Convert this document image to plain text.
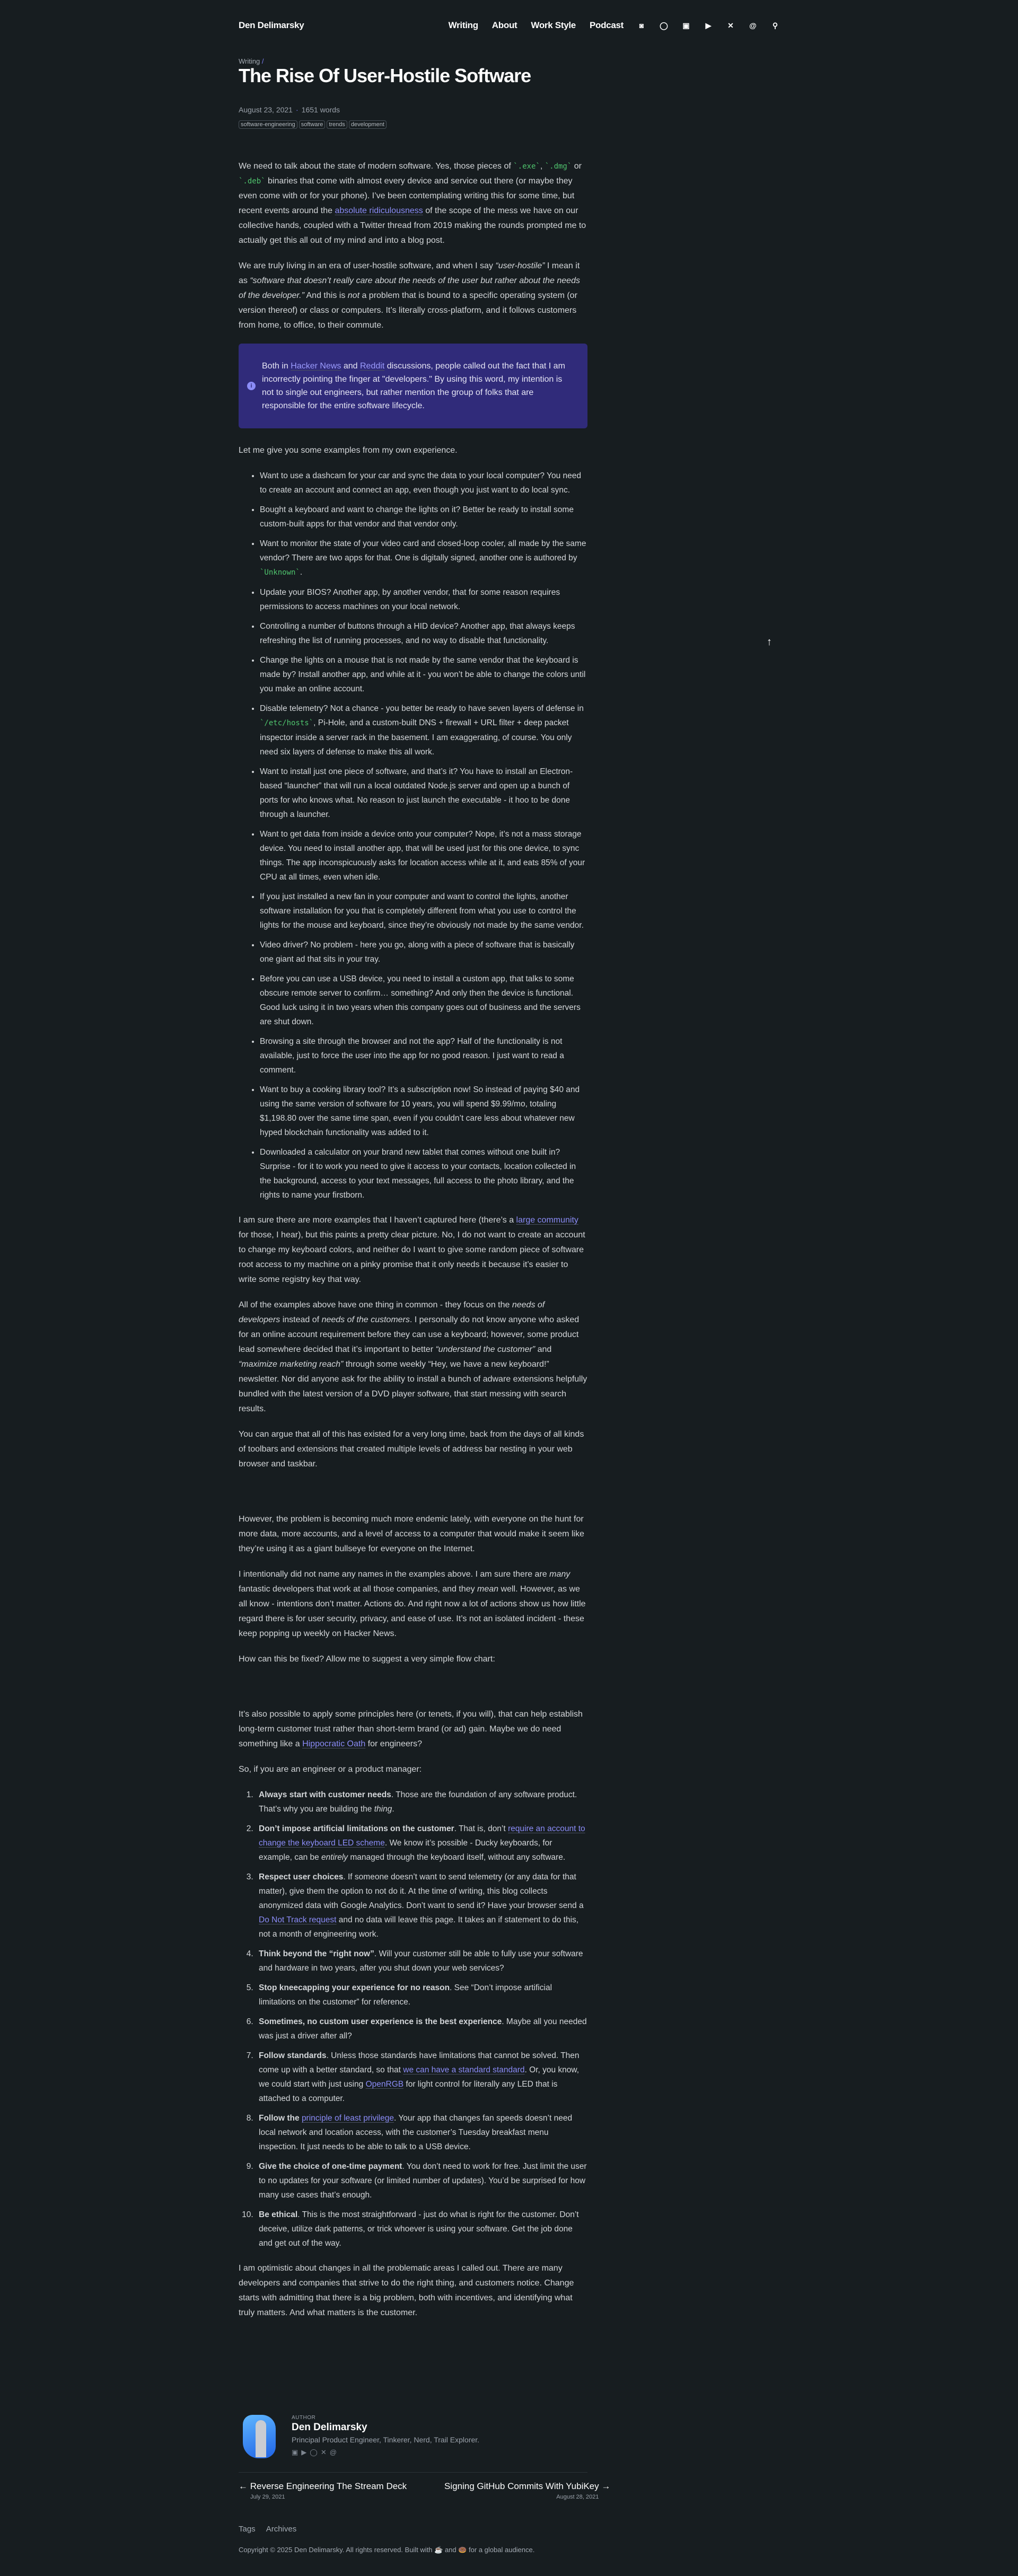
Den Delimarsky	Writing About Work Style Podcast ◙ ◯ ▣ ▶ ✕ @ ⚲
Writing /
The Rise Of User-Hostile Software
August 23, 2021 · 1651 words
software-engineering	software	trends	development

We need to talk about the state of modern software. Yes, those pieces of `.exe`, `.dmg` or `.deb` binaries that come with almost every device and service out there (or maybe they even come with or for your phone). I’ve been contemplating writing this for some time, but recent events around the absolute ridiculousness of the scope of the mess we have on our collective hands, coupled with a Twitter thread from 2019 making the rounds prompted me to actually get this all out of my mind and into a blog post.

We are truly living in an era of user-hostile software, and when I say “user-hostile” I mean it as “software that doesn’t really care about the needs of the user but rather about the needs of the developer.” And this is not a problem that is bound to a specific operating system (or version thereof) or class or computers. It’s literally cross-platform, and it follows customers from home, to office, to their commute.

i
Both in Hacker News and Reddit discussions, people called out the fact that I am incorrectly pointing the finger at "developers." By using this word, my intention is not to single out engineers, but rather mention the group of folks that are responsible for the entire software lifecycle.

Let me give you some examples from my own experience.

• Want to use a dashcam for your car and sync the data to your local computer? You need to create an account and connect an app, even though you just want to do local sync.
• Bought a keyboard and want to change the lights on it? Better be ready to install some custom-built apps for that vendor and that vendor only.
• Want to monitor the state of your video card and closed-loop cooler, all made by the same vendor? There are two apps for that. One is digitally signed, another one is authored by `Unknown`.
• Update your BIOS? Another app, by another vendor, that for some reason requires permissions to access machines on your local network.
• Controlling a number of buttons through a HID device? Another app, that always keeps refreshing the list of running processes, and no way to disable that functionality.
• Change the lights on a mouse that is not made by the same vendor that the keyboard is made by? Install another app, and while at it - you won’t be able to change the colors until you make an online account.
• Disable telemetry? Not a chance - you better be ready to have seven layers of defense in `/etc/hosts`, Pi-Hole, and a custom-built DNS + firewall + URL filter + deep packet inspector inside a server rack in the basement. I am exaggerating, of course. You only need six layers of defense to make this all work.
• Want to install just one piece of software, and that’s it? You have to install an Electron-based “launcher” that will run a local outdated Node.js server and open up a bunch of ports for who knows what. No reason to just launch the executable - it hoo to be done through a launcher.
• Want to get data from inside a device onto your computer? Nope, it’s not a mass storage device. You need to install another app, that will be used just for this one device, to sync things. The app inconspicuously asks for location access while at it, and eats 85% of your CPU at all times, even when idle.
• If you just installed a new fan in your computer and want to control the lights, another software installation for you that is completely different from what you use to control the lights for the mouse and keyboard, since they’re obviously not made by the same vendor.
• Video driver? No problem - here you go, along with a piece of software that is basically one giant ad that sits in your tray.
• Before you can use a USB device, you need to install a custom app, that talks to some obscure remote server to confirm… something? And only then the device is functional. Good luck using it in two years when this company goes out of business and the servers are shut down.
• Browsing a site through the browser and not the app? Half of the functionality is not available, just to force the user into the app for no good reason. I just want to read a comment.
• Want to buy a cooking library tool? It’s a subscription now! So instead of paying $40 and using the same version of software for 10 years, you will spend $9.99/mo, totaling $1,198.80 over the same time span, even if you couldn’t care less about whatever new hyped blockchain functionality was added to it.
• Downloaded a calculator on your brand new tablet that comes without one built in? Surprise - for it to work you need to give it access to your contacts, location collected in the background, access to your text messages, full access to the photo library, and the rights to name your firstborn.

I am sure there are more examples that I haven’t captured here (there’s a large community for those, I hear), but this paints a pretty clear picture. No, I do not want to create an account to change my keyboard colors, and neither do I want to give some random piece of software root access to my machine on a pinky promise that it only needs it because it’s easier to write some registry key that way.

All of the examples above have one thing in common - they focus on the needs of developers instead of needs of the customers. I personally do not know anyone who asked for an online account requirement before they can use a keyboard; however, some product lead somewhere decided that it’s important to better “understand the customer” and “maximize marketing reach” through some weekly “Hey, we have a new keyboard!” newsletter. Nor did anyone ask for the ability to install a bunch of adware extensions helpfully bundled with the latest version of a DVD player software, that start messing with search results.

You can argue that all of this has existed for a very long time, back from the days of all kinds of toolbars and extensions that created multiple levels of address bar nesting in your web browser and taskbar.

However, the problem is becoming much more endemic lately, with everyone on the hunt for more data, more accounts, and a level of access to a computer that would make it seem like they’re using it as a giant bullseye for everyone on the Internet.

I intentionally did not name any names in the examples above. I am sure there are many fantastic developers that work at all those companies, and they mean well. However, as we all know - intentions don’t matter. Actions do. And right now a lot of actions show us how little regard there is for user security, privacy, and ease of use. It’s not an isolated incident - these keep popping up weekly on Hacker News.

How can this be fixed? Allow me to suggest a very simple flow chart:

It’s also possible to apply some principles here (or tenets, if you will), that can help establish long-term customer trust rather than short-term brand (or ad) gain. Maybe we do need something like a Hippocratic Oath for engineers?

So, if you are an engineer or a product manager:

1. Always start with customer needs. Those are the foundation of any software product. That’s why you are building the thing.
2. Don’t impose artificial limitations on the customer. That is, don’t require an account to change the keyboard LED scheme. We know it’s possible - Ducky keyboards, for example, can be entirely managed through the keyboard itself, without any software.
3. Respect user choices. If someone doesn’t want to send telemetry (or any data for that matter), give them the option to not do it. At the time of writing, this blog collects anonymized data with Google Analytics. Don’t want to send it? Have your browser send a Do Not Track request and no data will leave this page. It takes an if statement to do this, not a month of engineering work.
4. Think beyond the “right now”. Will your customer still be able to fully use your software and hardware in two years, after you shut down your web services?
5. Stop kneecapping your experience for no reason. See “Don’t impose artificial limitations on the customer” for reference.
6. Sometimes, no custom user experience is the best experience. Maybe all you needed was just a driver after all?
7. Follow standards. Unless those standards have limitations that cannot be solved. Then come up with a better standard, so that we can have a standard standard. Or, you know, we could start with just using OpenRGB for light control for literally any LED that is attached to a computer.
8. Follow the principle of least privilege. Your app that changes fan speeds doesn’t need local network and location access, with the customer’s Tuesday breakfast menu inspection. It just needs to be able to talk to a USB device.
9. Give the choice of one-time payment. You don’t need to work for free. Just limit the user to no updates for your software (or limited number of updates). You’d be surprised for how many use cases that’s enough.
10. Be ethical. This is the most straightforward - just do what is right for the customer. Don’t deceive, utilize dark patterns, or trick whoever is using your software. Get the job done and get out of the way.

I am optimistic about changes in all the problematic areas I called out. There are many developers and companies that strive to do the right thing, and customers notice. Change starts with admitting that there is a big problem, both with incentives, and identifying what truly matters. And what matters is the customer.

↑
AUTHOR
Den Delimarsky
Principal Product Engineer, Tinkerer, Nerd, Trail Explorer.
▣ ▶ ◯ ✕ @
← Reverse Engineering The Stream Deck
July 29, 2021
Signing GitHub Commits With YubiKey →
August 28, 2021
Tags Archives
Copyright © 2025 Den Delimarsky. All rights reserved. Built with ☕ and 🍩 for a global audience.
